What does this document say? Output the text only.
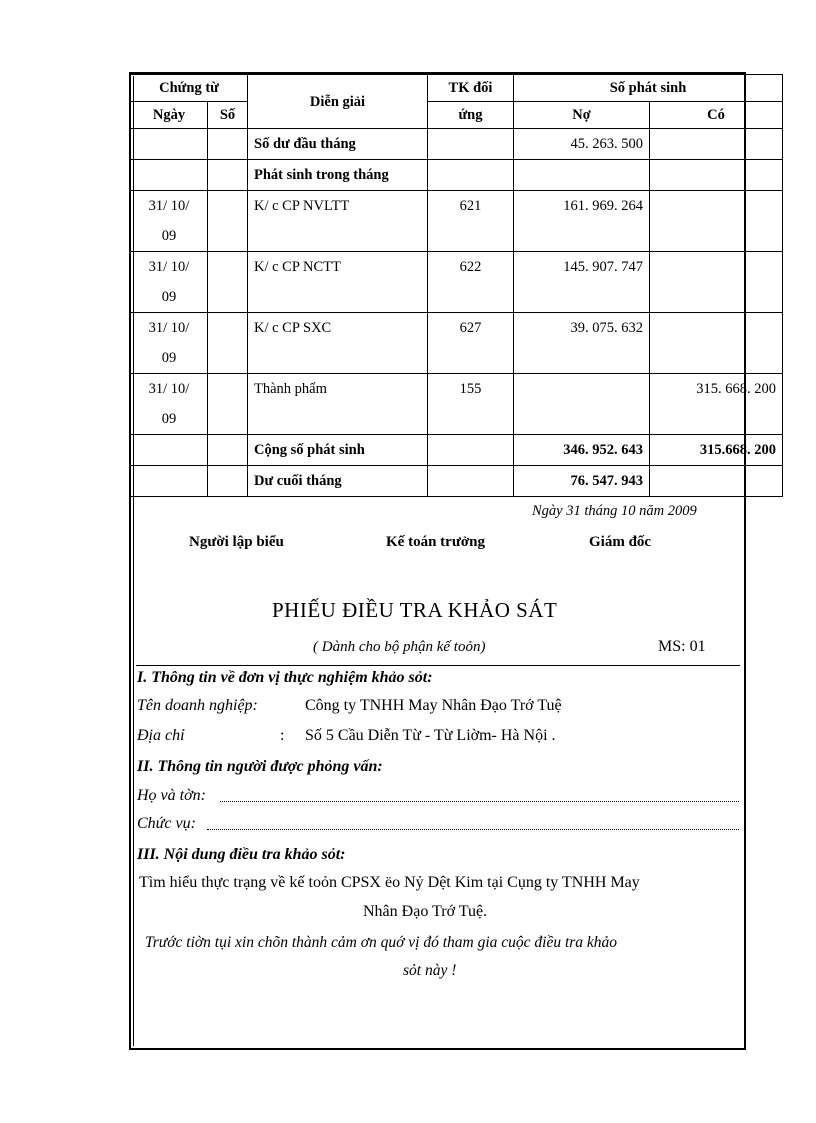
Chứng từ		Diễn giải	TK đối	Số phát sinh	
Ngày	Số		ứng	Nợ	Có
		Số dư đầu tháng		45. 263. 500	
		Phát sinh trong tháng			

31/ 10/
09		K/ c CP NVLTT	621	161. 969. 264	

31/ 10/
09		K/ c CP NCTT	622	145. 907. 747	

31/ 10/
09		K/ c CP SXC	627	39. 075. 632	

31/ 10/
09		Thành phẩm	155		315. 668. 200
		Cộng số phát sinh		346. 952. 643	315.668. 200
		Dư cuối tháng		76. 547. 943	
Ngày 31 tháng 10 năm 2009
Người lập biểu	Kế toán trưởng	Giám đốc
PHIẾU ĐIỀU TRA KHẢO SÁT
( Dành cho bộ phận kế toỏn)	MS: 01
I. Thông tin về đơn vị thực nghiệm khảo sỏt:
Tên doanh nghiệp:	Công ty TNHH May Nhân Đạo Trớ Tuệ
Địa chỉ	: Số 5 Cầu Diễn Từ - Từ Liờm- Hà Nội .
II. Thông tin người được phỏng vấn:
Họ và tờn:
Chức vụ:
III. Nội dung điều tra khảo sỏt:
Tìm hiểu thực trạng về kế toỏn CPSX ëo Nỷ Dệt Kim tại Cụng ty TNHH May
Nhân Đạo Trớ Tuệ.
Trước tiờn tụi xin chõn thành cảm ơn quớ vị đó tham gia cuộc điều tra khảo
sỏt này !
